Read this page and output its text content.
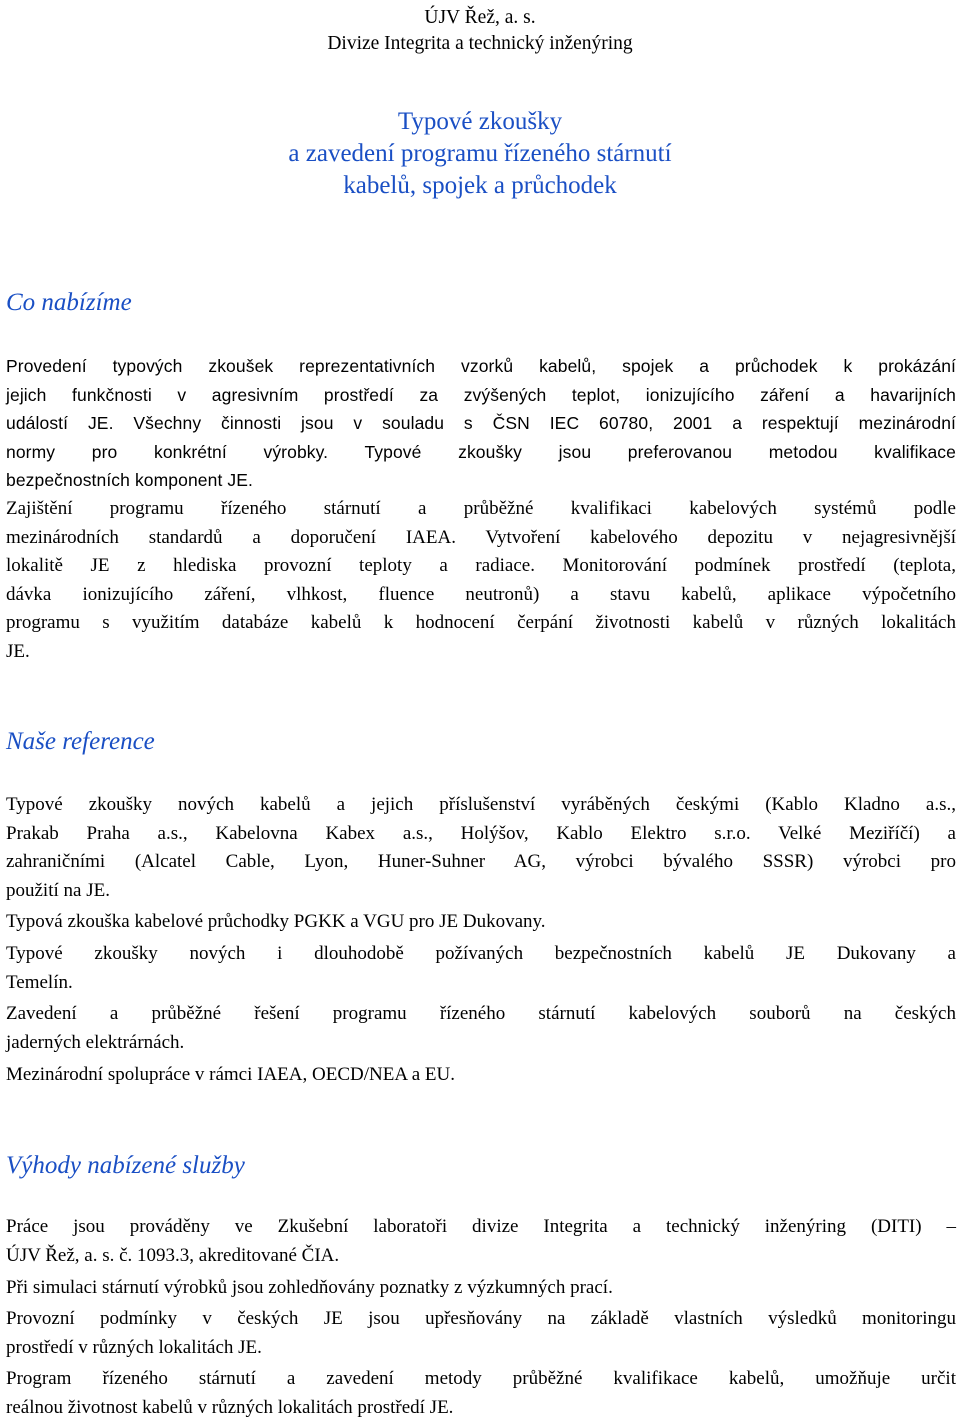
ÚJV Řež, a. s.
Divize Integrita a technický inženýring
Typové zkoušky
a zavedení programu řízeného stárnutí
kabelů, spojek a průchodek
Co nabízíme
Provedení typových zkoušek reprezentativních vzorků kabelů, spojek a průchodek k prokázání
jejich funkčnosti v agresivním prostředí za zvýšených teplot, ionizujícího záření a havarijních
událostí JE. Všechny činnosti jsou v souladu s ČSN IEC 60780, 2001 a respektují mezinárodní
normy pro konkrétní výrobky. Typové zkoušky jsou preferovanou metodou kvalifikace
bezpečnostních komponent JE.
Zajištění programu řízeného stárnutí a průběžné kvalifikaci kabelových systémů podle
mezinárodních standardů a doporučení IAEA. Vytvoření kabelového depozitu v nejagresivnější
lokalitě JE z hlediska provozní teploty a radiace. Monitorování podmínek prostředí (teplota,
dávka ionizujícího záření, vlhkost, fluence neutronů) a stavu kabelů, aplikace výpočetního
programu s využitím databáze kabelů k hodnocení čerpání životnosti kabelů v různých lokalitách
JE.
Naše reference
Typové zkoušky nových kabelů a jejich příslušenství vyráběných českými (Kablo Kladno a.s.,
Prakab Praha a.s., Kabelovna Kabex a.s., Holýšov, Kablo Elektro s.r.o. Velké Meziříčí) a
zahraničními (Alcatel Cable, Lyon, Huner-Suhner AG, výrobci bývalého SSSR) výrobci pro
použití na JE.
Typová zkouška kabelové průchodky PGKK a VGU pro JE Dukovany.
Typové zkoušky nových i dlouhodobě požívaných bezpečnostních kabelů JE Dukovany a
Temelín.
Zavedení a průběžné řešení programu řízeného stárnutí kabelových souborů na českých
jaderných elektrárnách.
Mezinárodní spolupráce v rámci IAEA, OECD/NEA a EU.
Výhody nabízené služby
Práce jsou prováděny ve Zkušební laboratoři divize Integrita a technický inženýring (DITI) –
ÚJV Řež, a. s. č. 1093.3, akreditované ČIA.
Při simulaci stárnutí výrobků jsou zohledňovány poznatky z výzkumných prací.
Provozní podmínky v českých JE jsou upřesňovány na základě vlastních výsledků monitoringu
prostředí v různých lokalitách JE.
Program řízeného stárnutí a zavedení metody průběžné kvalifikace kabelů, umožňuje určit
reálnou životnost kabelů v různých lokalitách prostředí JE.
